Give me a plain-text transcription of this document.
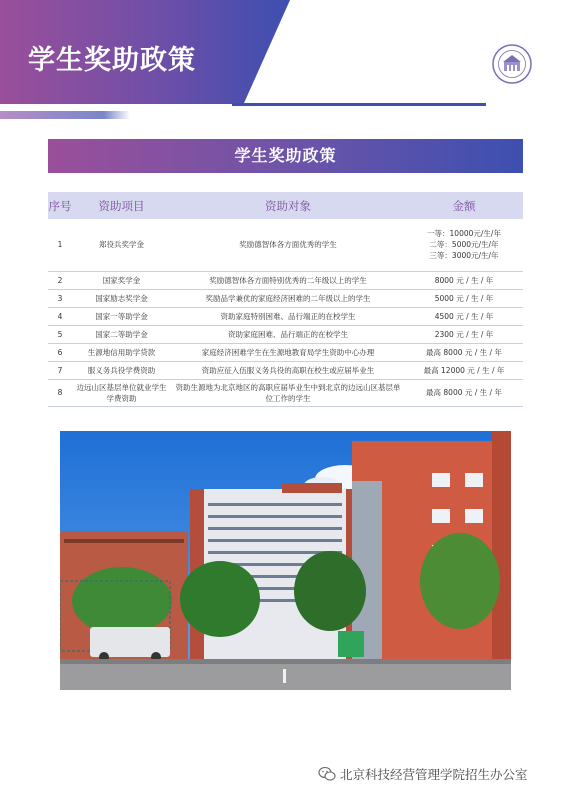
学生奖助政策
学生奖助政策
序号	资助项目	资助对象	金额
1	郑役兵奖学金	奖励德智体各方面优秀的学生	一等：10000元/生/年
二等：5000元/生/年
三等：3000元/生/年

2	国家奖学金	奖励德智体各方面特别优秀的二年级以上的学生	8000 元 / 生 / 年
3	国家励志奖学金	奖励品学兼优的家庭经济困难的二年级以上的学生	5000 元 / 生 / 年
4	国家一等助学金	资助家庭特别困难、品行端正的在校学生	4500 元 / 生 / 年
5	国家二等助学金	资助家庭困难、品行端正的在校学生	2300 元 / 生 / 年
6	生源地信用助学贷款	家庭经济困难学生在生源地教育局学生资助中心办理	最高 8000 元 / 生 / 年
7	服义务兵役学费资助	资助应征入伍服义务兵役的高职在校生或应届毕业生	最高 12000 元 / 生 / 年
8	边远山区基层单位就业学生学费资助	资助生源地为北京地区的高职应届毕业生中到北京的边远山区基层单位工作的学生	最高 8000 元 / 生 / 年
北京科技经营管理学院招生办公室
